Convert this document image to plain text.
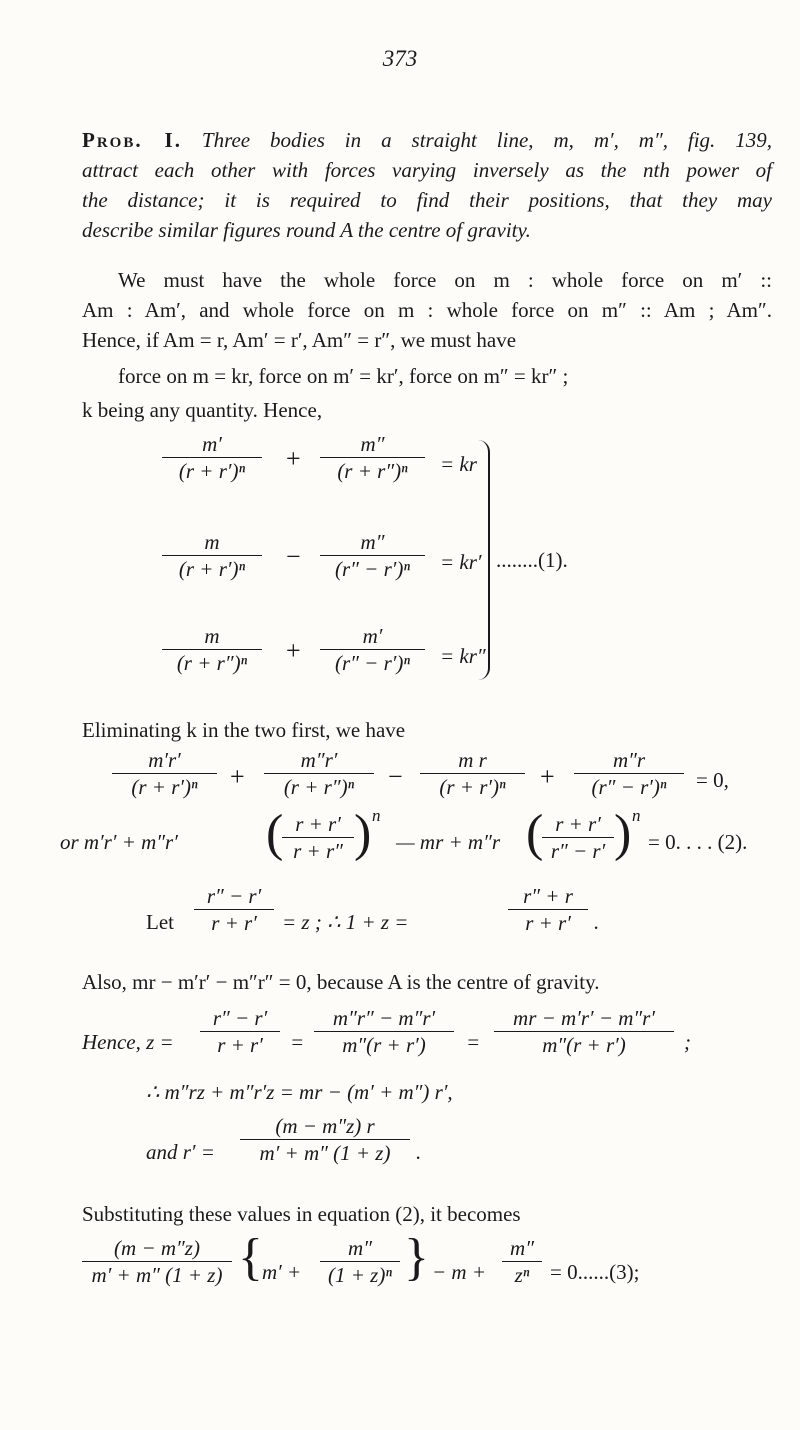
373
Prob. I. Three bodies in a straight line, m, m′, m″, fig. 139,
attract each other with forces varying inversely as the nth power of
the distance; it is required to find their positions, that they may
describe similar figures round A the centre of gravity.
We must have the whole force on m : whole force on m′ ::
Am : Am′, and whole force on m : whole force on m″ :: Am ; Am″.
Hence, if Am = r, Am′ = r′, Am″ = r″, we must have
force on m = kr, force on m′ = kr′, force on m″ = kr″ ;
k being any quantity. Hence,
$\frac{m'}{\text{(r + r′)ⁿ}} + \frac{m''}{\text{(r + r″)ⁿ}}$ = kr
$\frac{m}{\text{(r + r′)ⁿ}} - \frac{m''}{\text{(r″ − r′)ⁿ}} = kr'$
$\frac{m}{\text{(r + r″)ⁿ}} + \frac{m'}{\text{(r″ − r′)ⁿ}} = kr''$
........(1).
Eliminating k in the two first, we have
$\frac{m'r'}{\text{(r + r′)ⁿ}} + \frac{m''r'}{\text{(r + r″)ⁿ}} - \frac{\text{m r}}{\text{(r + r′)ⁿ}} + \frac{m''r}{\text{(r″ − r′)ⁿ}} = 0$,
or m′r′ + m″r′ (
$\frac{r + r'}{r + r''}$ ) n
— mr + m″r (
$\frac{r + r'}{r'' - r'}$ ) n
= 0. . . . (2).
Let $\frac{r'' - r'}{r + r'} = z$ ; ∴ 1 + z =	$\frac{r'' + r}{r + r'}$ .
Also, mr − m′r′ − m″r″ = 0, because A is the centre of gravity.
Hence, $z = \frac{r'' - r'}{r + r'} = \frac{m''r'' - m''r'}{m''(r + r')} = \frac{mr - m'r' - m''r'}{m''(r + r')}$ ;
∴ m″rz + m″r′z = mr − (m′ + m″) r′,
and $r' = \frac{(m - m''z) r}{m' + m'' (1 + z)}$ .
Substituting these values in equation (2), it becomes
$\frac{(m - m''z)}{m' + m'' (1 + z)}$ { $m' + \frac{m''}{\text{(1 + z)ⁿ}}$ } − $m + \frac{m''}{\text{zⁿ}} = 0......(3)$;
